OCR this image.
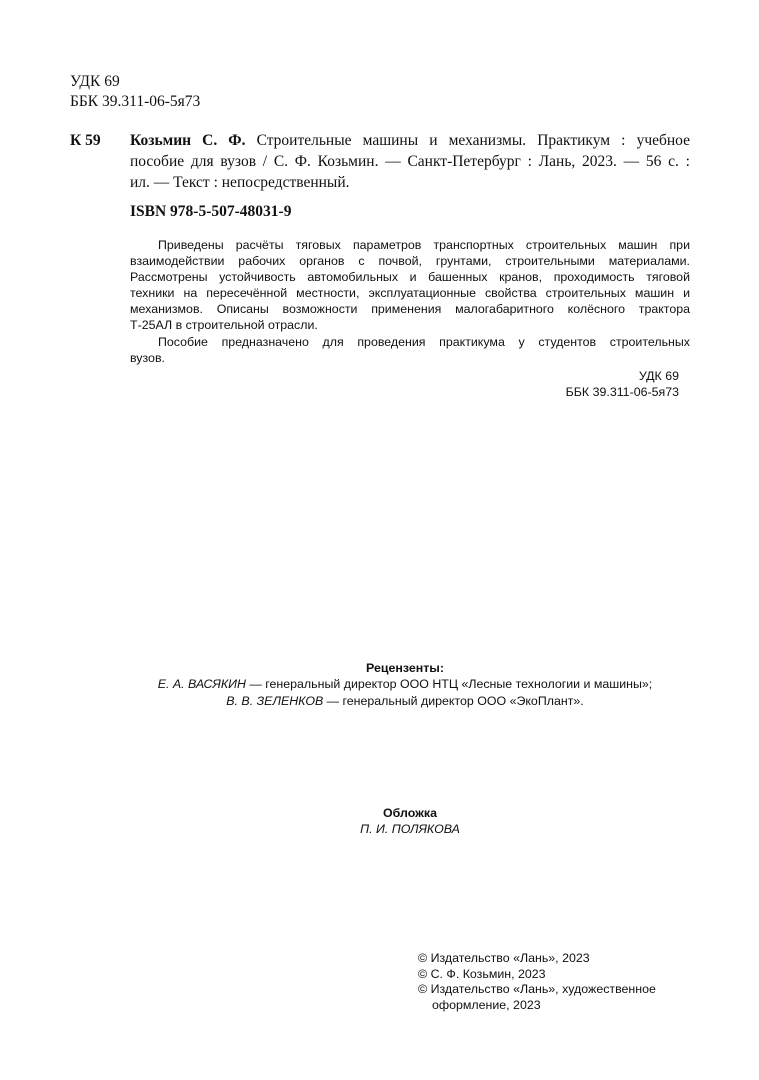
УДК 69
ББК 39.311-06-5я73
К 59 Козьмин С. Ф. Строительные машины и механизмы. Практикум : учебное
пособие для вузов / С. Ф. Козьмин. — Санкт-Петербург : Лань, 2023. — 56 с. :
ил. — Текст : непосредственный.
ISBN 978-5-507-48031-9
Приведены расчёты тяговых параметров транспортных строительных машин при
взаимодействии рабочих органов с почвой, грунтами, строительными материалами.
Рассмотрены устойчивость автомобильных и башенных кранов, проходимость тяговой
техники на пересечённой местности, эксплуатационные свойства строительных машин и
механизмов. Описаны возможности применения малогабаритного колёсного трактора
Т-25АЛ в строительной отрасли.
Пособие предназначено для проведения практикума у студентов строительных
вузов.
УДК 69
ББК 39.311-06-5я73
Рецензенты:
Е. А. ВАСЯКИН — генеральный директор ООО НТЦ «Лесные технологии и машины»;
В. В. ЗЕЛЕНКОВ — генеральный директор ООО «ЭкоПлант».
Обложка
П. И. ПОЛЯКОВА
© Издательство «Лань», 2023
© С. Ф. Козьмин, 2023
© Издательство «Лань», художественное
оформление, 2023
